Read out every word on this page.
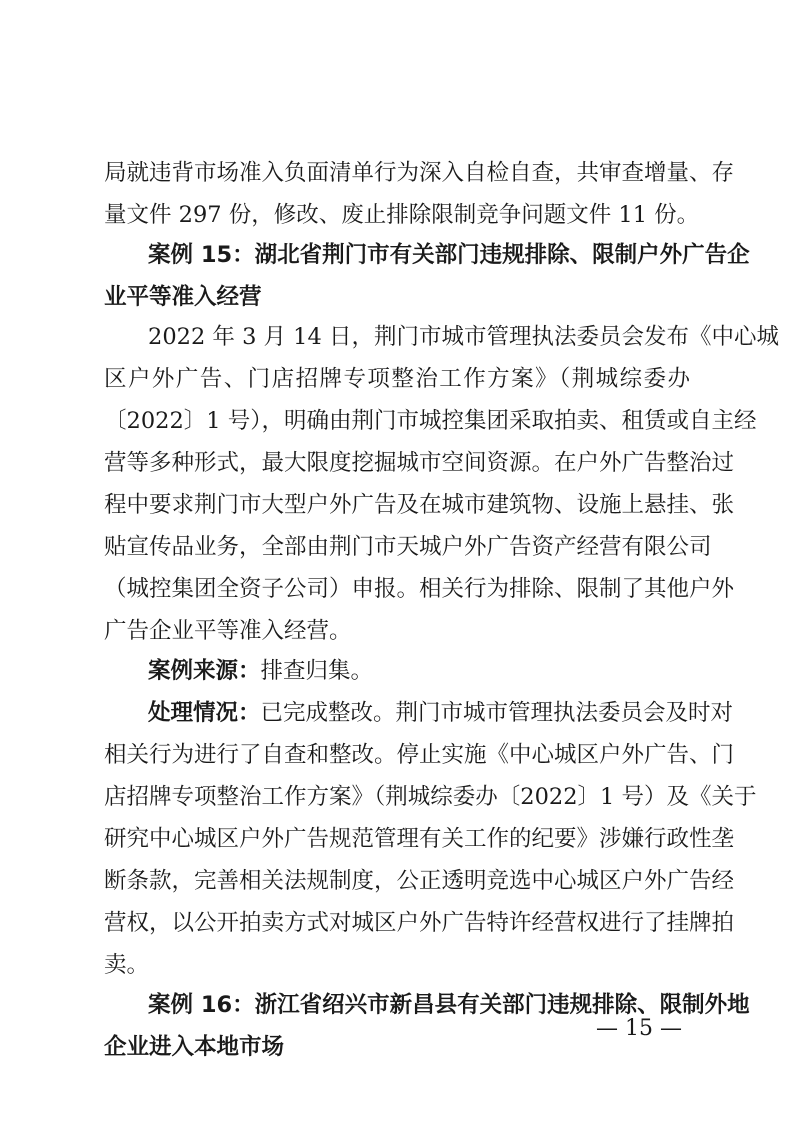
局就违背市场准入负面清单行为深入自检自查，共审查增量、存
量文件 297 份，修改、废止排除限制竞争问题文件 11 份。
案例 15：湖北省荆门市有关部门违规排除、限制户外广告企
业平等准入经营
2022 年 3 月 14 日，荆门市城市管理执法委员会发布《中心城
区户外广告、门店招牌专项整治工作方案》（荆城综委办
〔2022〕1 号），明确由荆门市城控集团采取拍卖、租赁或自主经
营等多种形式，最大限度挖掘城市空间资源。在户外广告整治过
程中要求荆门市大型户外广告及在城市建筑物、设施上悬挂、张
贴宣传品业务，全部由荆门市天城户外广告资产经营有限公司
（城控集团全资子公司）申报。相关行为排除、限制了其他户外
广告企业平等准入经营。
案例来源：排查归集。
处理情况：已完成整改。荆门市城市管理执法委员会及时对
相关行为进行了自查和整改。停止实施《中心城区户外广告、门
店招牌专项整治工作方案》（荆城综委办〔2022〕1 号）及《关于
研究中心城区户外广告规范管理有关工作的纪要》涉嫌行政性垄
断条款，完善相关法规制度，公正透明竞选中心城区户外广告经
营权，以公开拍卖方式对城区户外广告特许经营权进行了挂牌拍
卖。
案例 16：浙江省绍兴市新昌县有关部门违规排除、限制外地
企业进入本地市场
— 15 —
